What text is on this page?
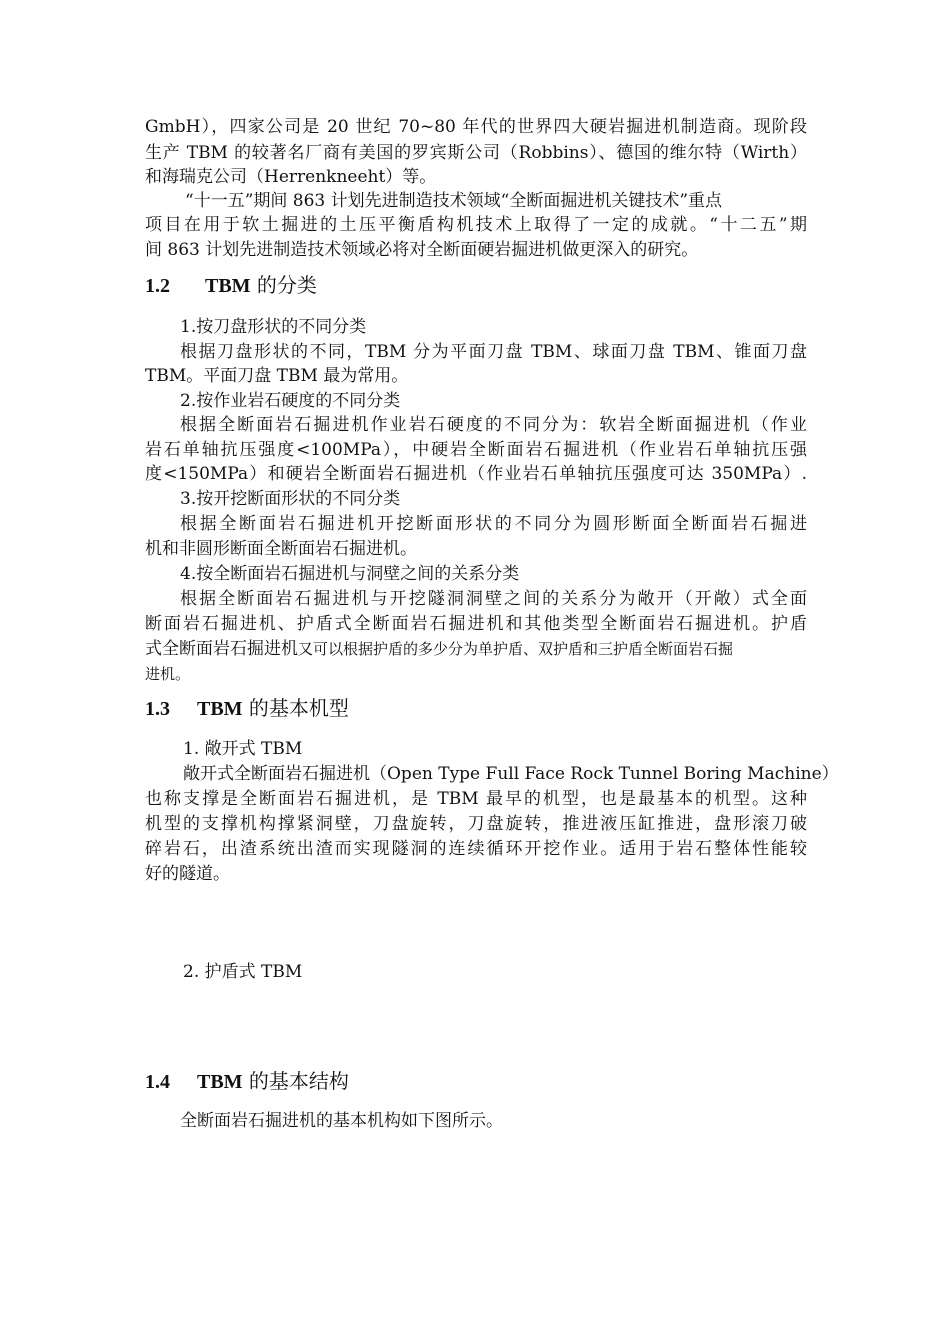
GmbH），四家公司是 20 世纪 70~80 年代的世界四大硬岩掘进机制造商。现阶段
生产 TBM 的较著名厂商有美国的罗宾斯公司（Robbins）、德国的维尔特（Wirth）
和海瑞克公司（Herrenkneeht）等。
“十一五”期间 863 计划先进制造技术领域“全断面掘进机关键技术”重点
项目在用于软土掘进的土压平衡盾构机技术上取得了一定的成就。“十二五”期
间 863 计划先进制造技术领域必将对全断面硬岩掘进机做更深入的研究。
1.2 TBM 的分类
1.按刀盘形状的不同分类
根据刀盘形状的不同，TBM 分为平面刀盘 TBM、球面刀盘 TBM、锥面刀盘
TBM。平面刀盘 TBM 最为常用。
2.按作业岩石硬度的不同分类
根据全断面岩石掘进机作业岩石硬度的不同分为：软岩全断面掘进机（作业
岩石单轴抗压强度<100MPa），中硬岩全断面岩石掘进机（作业岩石单轴抗压强
度<150MPa）和硬岩全断面岩石掘进机（作业岩石单轴抗压强度可达 350MPa）.
3.按开挖断面形状的不同分类
根据全断面岩石掘进机开挖断面形状的不同分为圆形断面全断面岩石掘进
机和非圆形断面全断面岩石掘进机。
4.按全断面岩石掘进机与洞壁之间的关系分类
根据全断面岩石掘进机与开挖隧洞洞壁之间的关系分为敞开（开敞）式全面
断面岩石掘进机、护盾式全断面岩石掘进机和其他类型全断面岩石掘进机。护盾
式全断面岩石掘进机又可以根据护盾的多少分为单护盾、双护盾和三护盾全断面岩石掘
进机。
1.3 TBM 的基本机型
1. 敞开式 TBM
敞开式全断面岩石掘进机（Open Type Full Face Rock Tunnel Boring Machine）
也称支撑是全断面岩石掘进机，是 TBM 最早的机型，也是最基本的机型。这种
机型的支撑机构撑紧洞壁，刀盘旋转，刀盘旋转，推进液压缸推进，盘形滚刀破
碎岩石，出渣系统出渣而实现隧洞的连续循环开挖作业。适用于岩石整体性能较
好的隧道。
2. 护盾式 TBM
1.4 TBM 的基本结构
全断面岩石掘进机的基本机构如下图所示。
